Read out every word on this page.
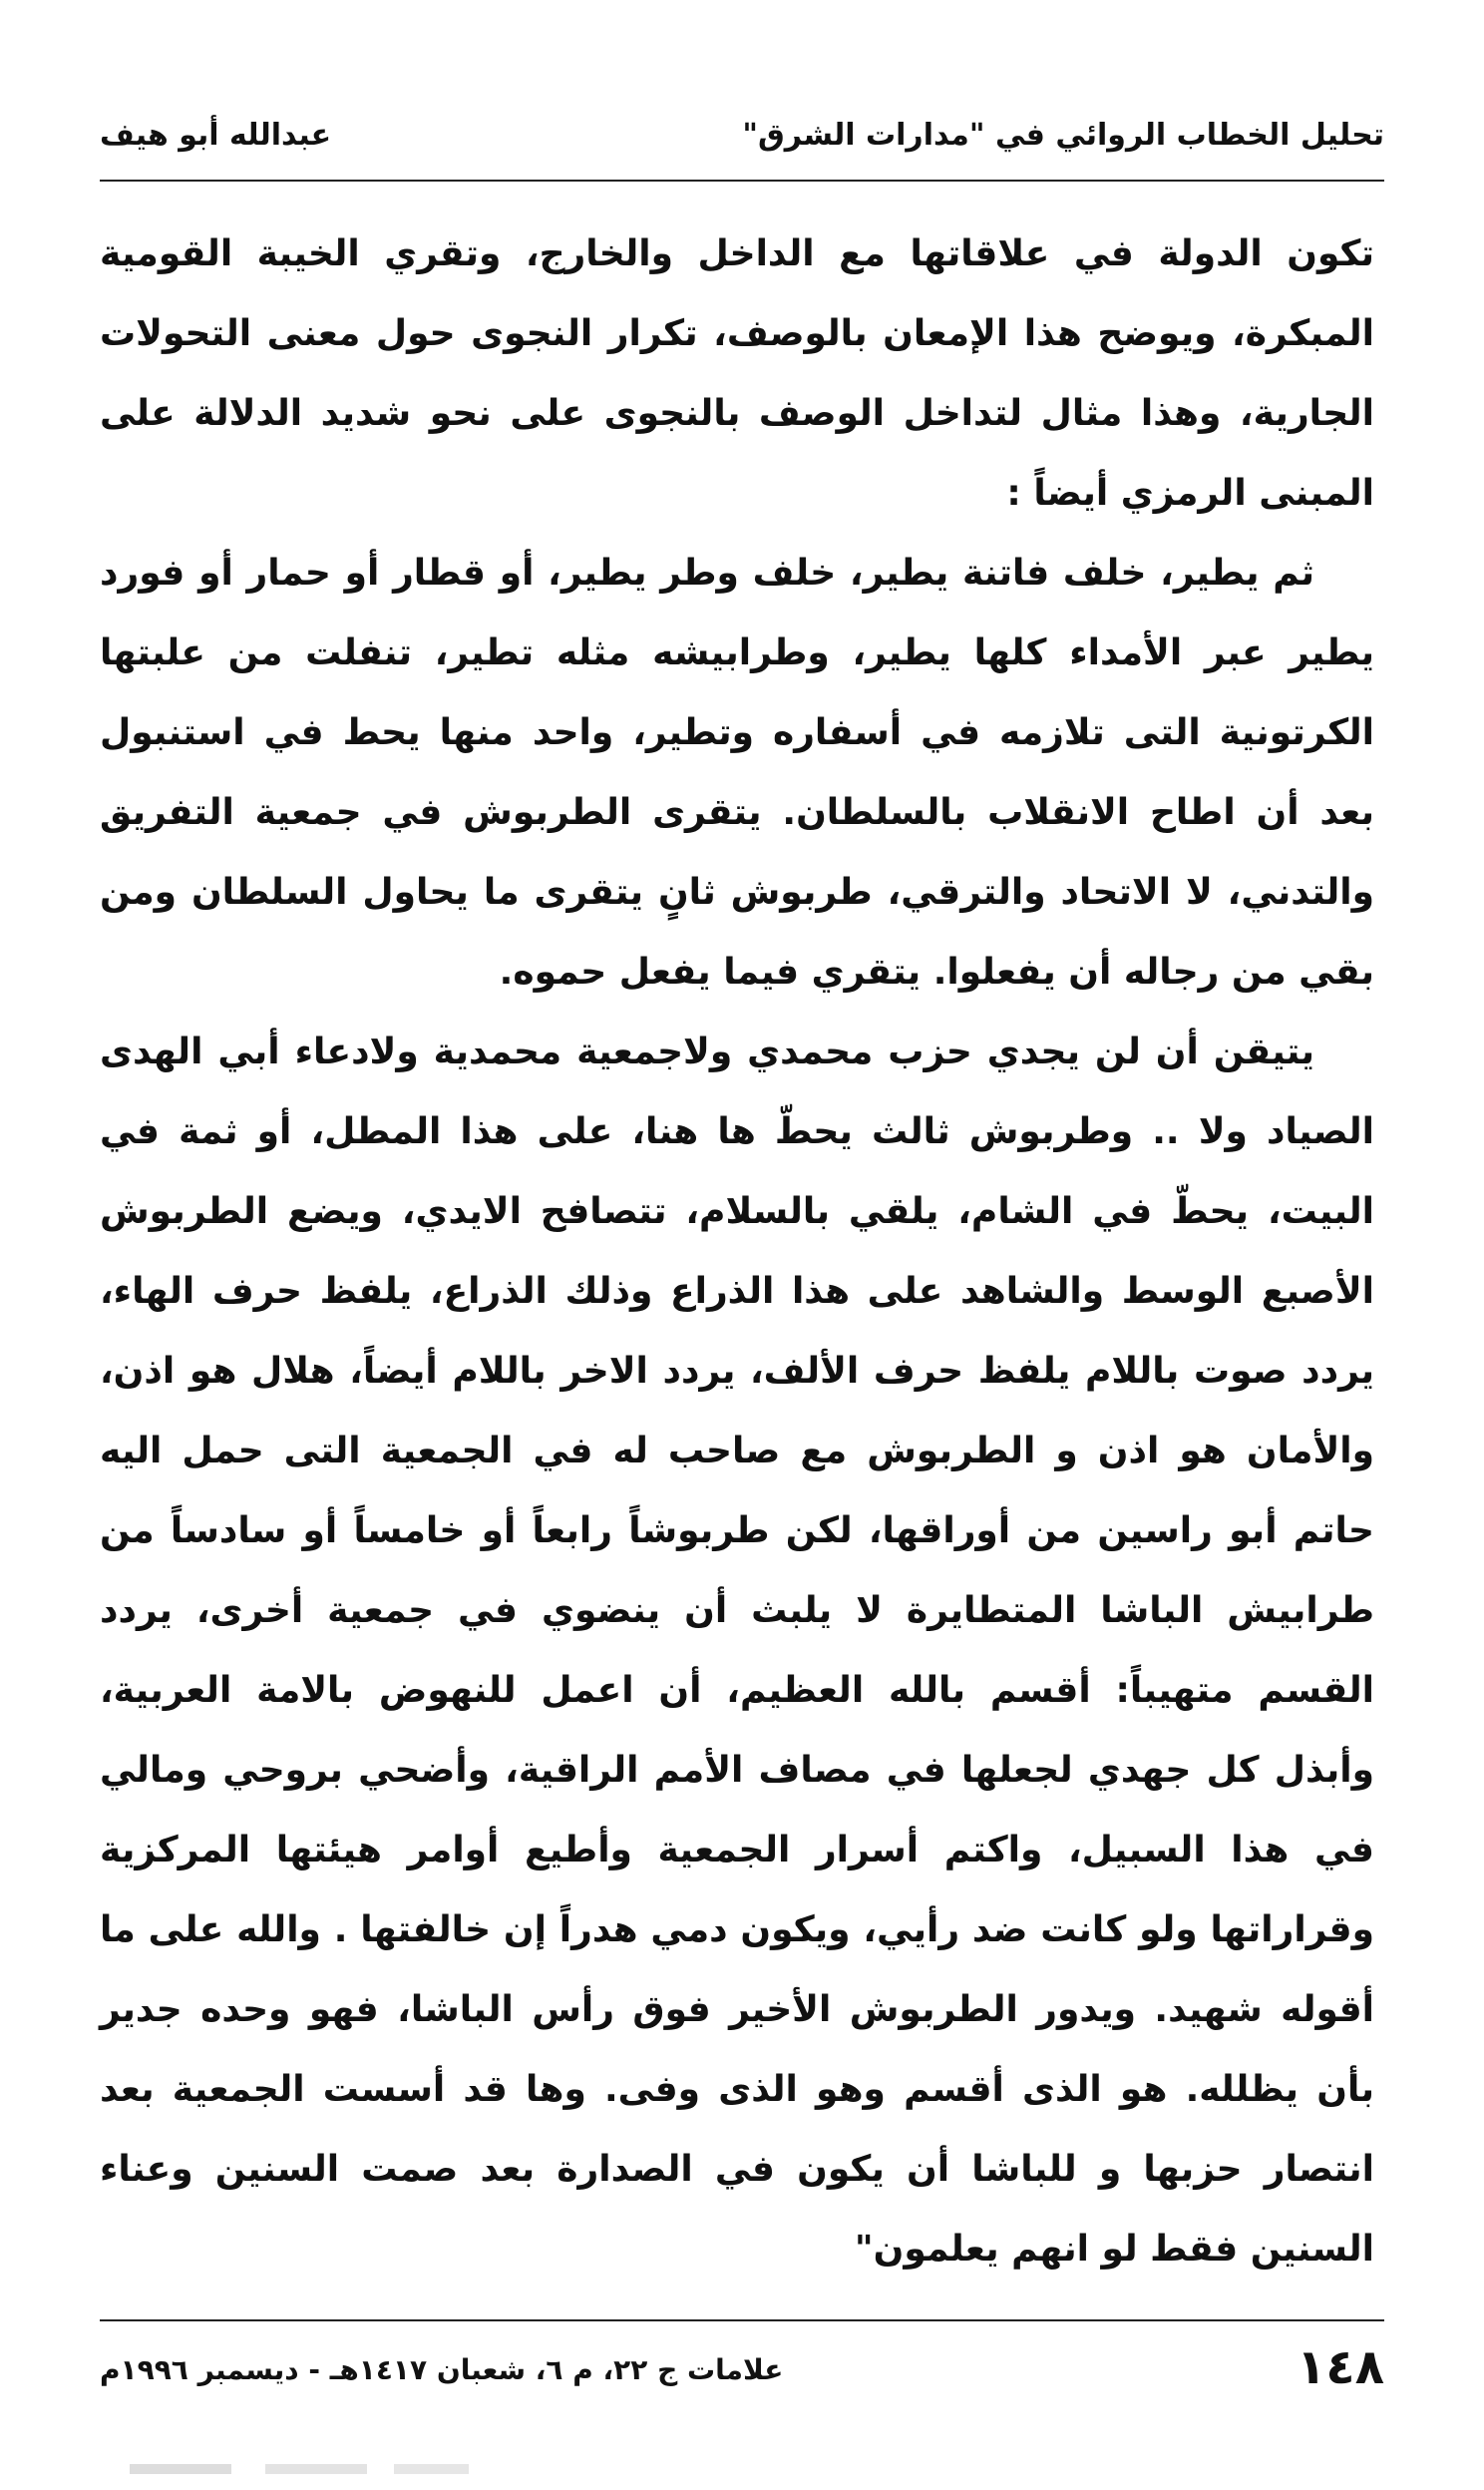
تحليل الخطاب الروائي في "مدارات الشرق"
عبدالله أبو هيف

تكون الدولة في علاقاتها مع الداخل والخارج، وتقري الخيبة القومية المبكرة، ويوضح هذا الإمعان بالوصف، تكرار النجوى حول معنى التحولات الجارية، وهذا مثال لتداخل الوصف بالنجوى على نحو شديد الدلالة على المبنى الرمزي أيضاً :

ثم يطير، خلف فاتنة يطير، خلف وطر يطير، أو قطار أو حمار أو فورد يطير عبر الأمداء كلها يطير، وطرابيشه مثله تطير، تنفلت من علبتها الكرتونية التى تلازمه في أسفاره وتطير، واحد منها يحط في استنبول بعد أن اطاح الانقلاب بالسلطان. يتقرى الطربوش في جمعية التفريق والتدني، لا الاتحاد والترقي، طربوش ثانٍ يتقرى ما يحاول السلطان ومن بقي من رجاله أن يفعلوا. يتقري فيما يفعل حموه.

يتيقن أن لن يجدي حزب محمدي ولاجمعية محمدية ولادعاء أبي الهدى الصياد ولا .. وطربوش ثالث يحطّ ها هنا، على هذا المطل، أو ثمة في البيت، يحطّ في الشام، يلقي بالسلام، تتصافح الايدي، ويضع الطربوش الأصبع الوسط والشاهد على هذا الذراع وذلك الذراع، يلفظ حرف الهاء، يردد صوت باللام يلفظ حرف الألف، يردد الاخر باللام أيضاً، هلال هو اذن، والأمان هو اذن و الطربوش مع صاحب له في الجمعية التى حمل اليه حاتم أبو راسين من أوراقها، لكن طربوشاً رابعاً أو خامساً أو سادساً من طرابيش الباشا المتطايرة لا يلبث أن ينضوي في جمعية أخرى، يردد القسم متهيباً: أقسم بالله العظيم، أن اعمل للنهوض بالامة العربية، وأبذل كل جهدي لجعلها في مصاف الأمم الراقية، وأضحي بروحي ومالي في هذا السبيل، واكتم أسرار الجمعية وأطيع أوامر هيئتها المركزية وقراراتها ولو كانت ضد رأيي، ويكون دمي هدراً إن خالفتها . والله على ما أقوله شهيد. ويدور الطربوش الأخير فوق رأس الباشا، فهو وحده جدير بأن يظلله. هو الذى أقسم وهو الذى وفى. وها قد أسست الجمعية بعد انتصار حزبها و للباشا أن يكون في الصدارة بعد صمت السنين وعناء السنين فقط لو انهم يعلمون"

١٤٨
علامات ج ٢٢، م ٦، شعبان ١٤١٧هـ - ديسمبر ١٩٩٦م
